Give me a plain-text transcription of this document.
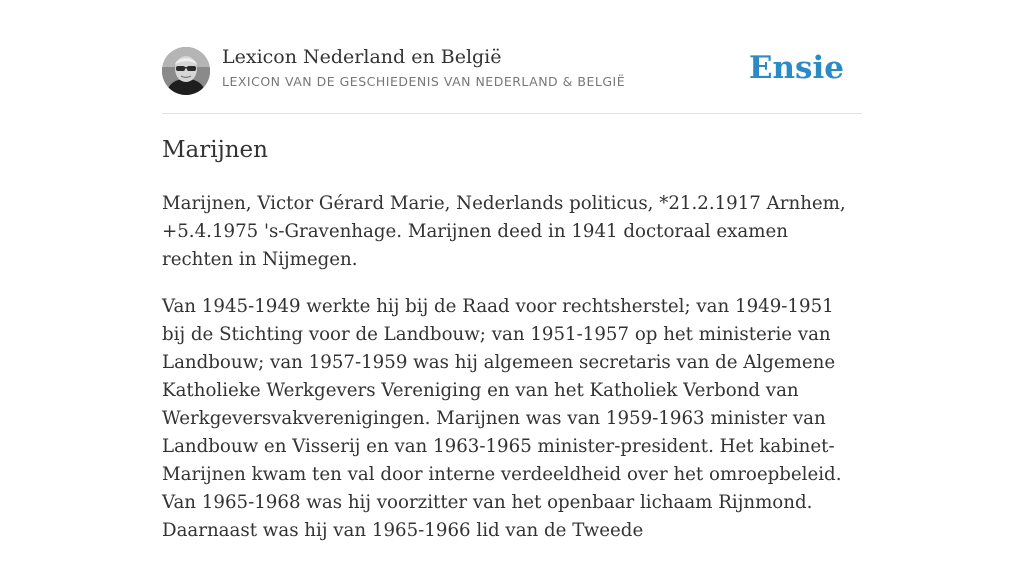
Lexicon Nederland en België
LEXICON VAN DE GESCHIEDENIS VAN NEDERLAND & BELGIË	Ensie
Marijnen

Marijnen, Victor Gérard Marie, Nederlands politicus, *21.2.1917 Arnhem, +5.4.1975 's-Gravenhage. Marijnen deed in 1941 doctoraal examen rechten in Nijmegen.

Van 1945-1949 werkte hij bij de Raad voor rechtsherstel; van 1949-1951 bij de Stichting voor de Landbouw; van 1951-1957 op het ministerie van Landbouw; van 1957-1959 was hij algemeen secretaris van de Algemene Katholieke Werkgevers Vereniging en van het Katholiek Verbond van Werkgeversvakverenigingen. Marijnen was van 1959-1963 minister van Landbouw en Visserij en van 1963-1965 minister-president. Het kabinet-Marijnen kwam ten val door interne verdeeldheid over het omroepbeleid. Van 1965-1968 was hij voorzitter van het openbaar lichaam Rijnmond. Daarnaast was hij van 1965-1966 lid van de Tweede
